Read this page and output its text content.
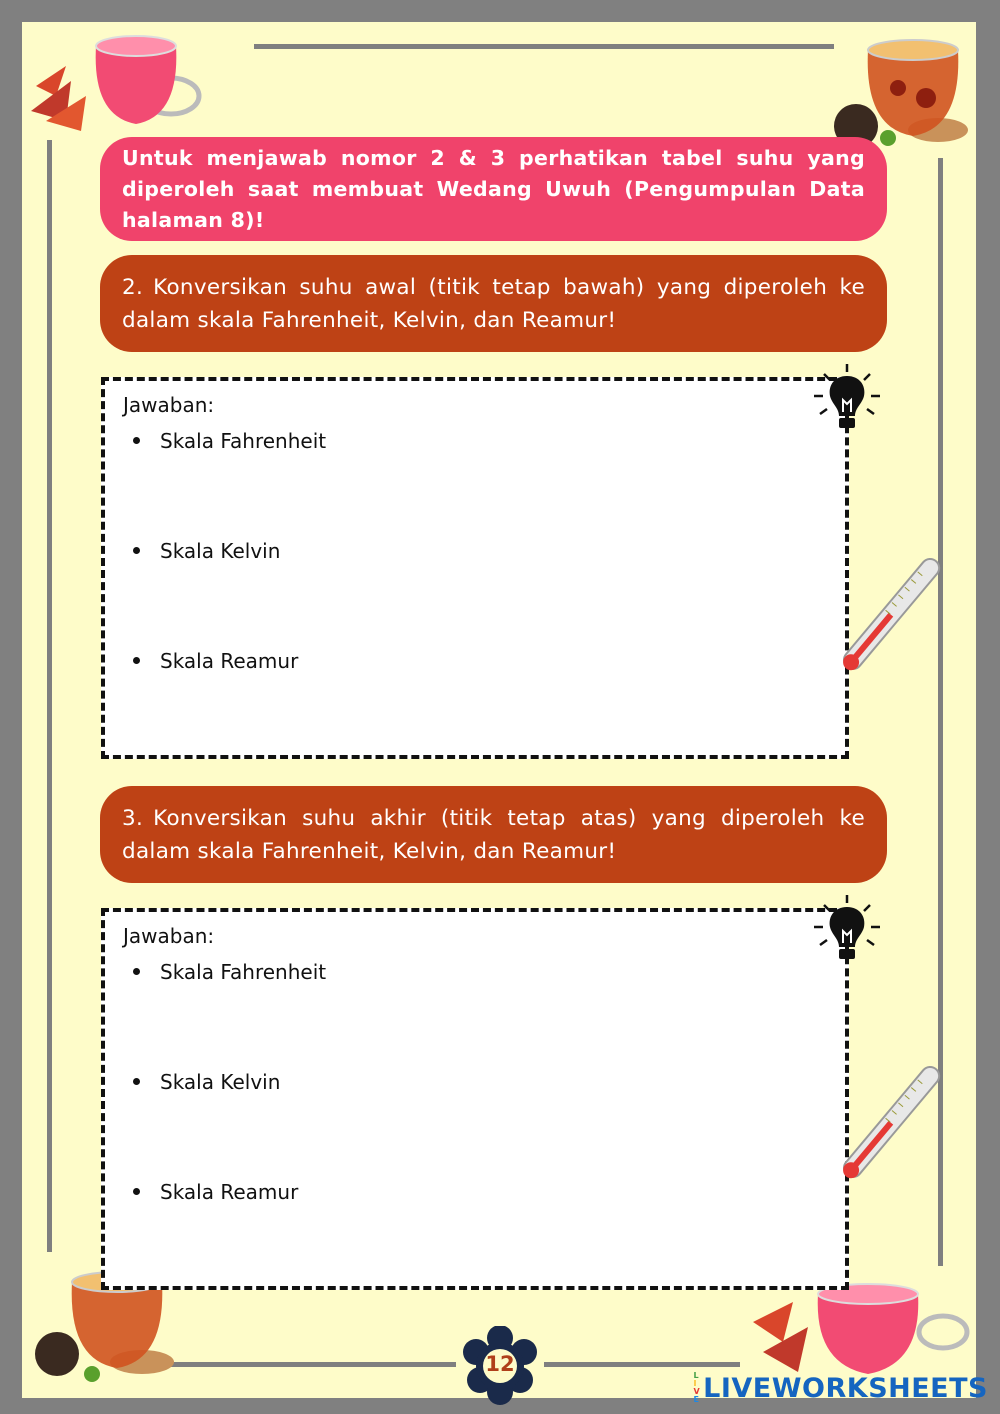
Untuk menjawab nomor 2 & 3 perhatikan tabel suhu yang diperoleh saat membuat Wedang Uwuh (Pengumpulan Data halaman 8)!
2. Konversikan suhu awal (titik tetap bawah) yang diperoleh ke dalam skala Fahrenheit, Kelvin, dan Reamur!
Jawaban:
Skala Fahrenheit
Skala Kelvin
Skala Reamur
3. Konversikan suhu akhir (titik tetap atas) yang diperoleh ke dalam skala Fahrenheit, Kelvin, dan Reamur!
Jawaban:
Skala Fahrenheit
Skala Kelvin
Skala Reamur
12	L
I
V
E LIVEWORKSHEETS
